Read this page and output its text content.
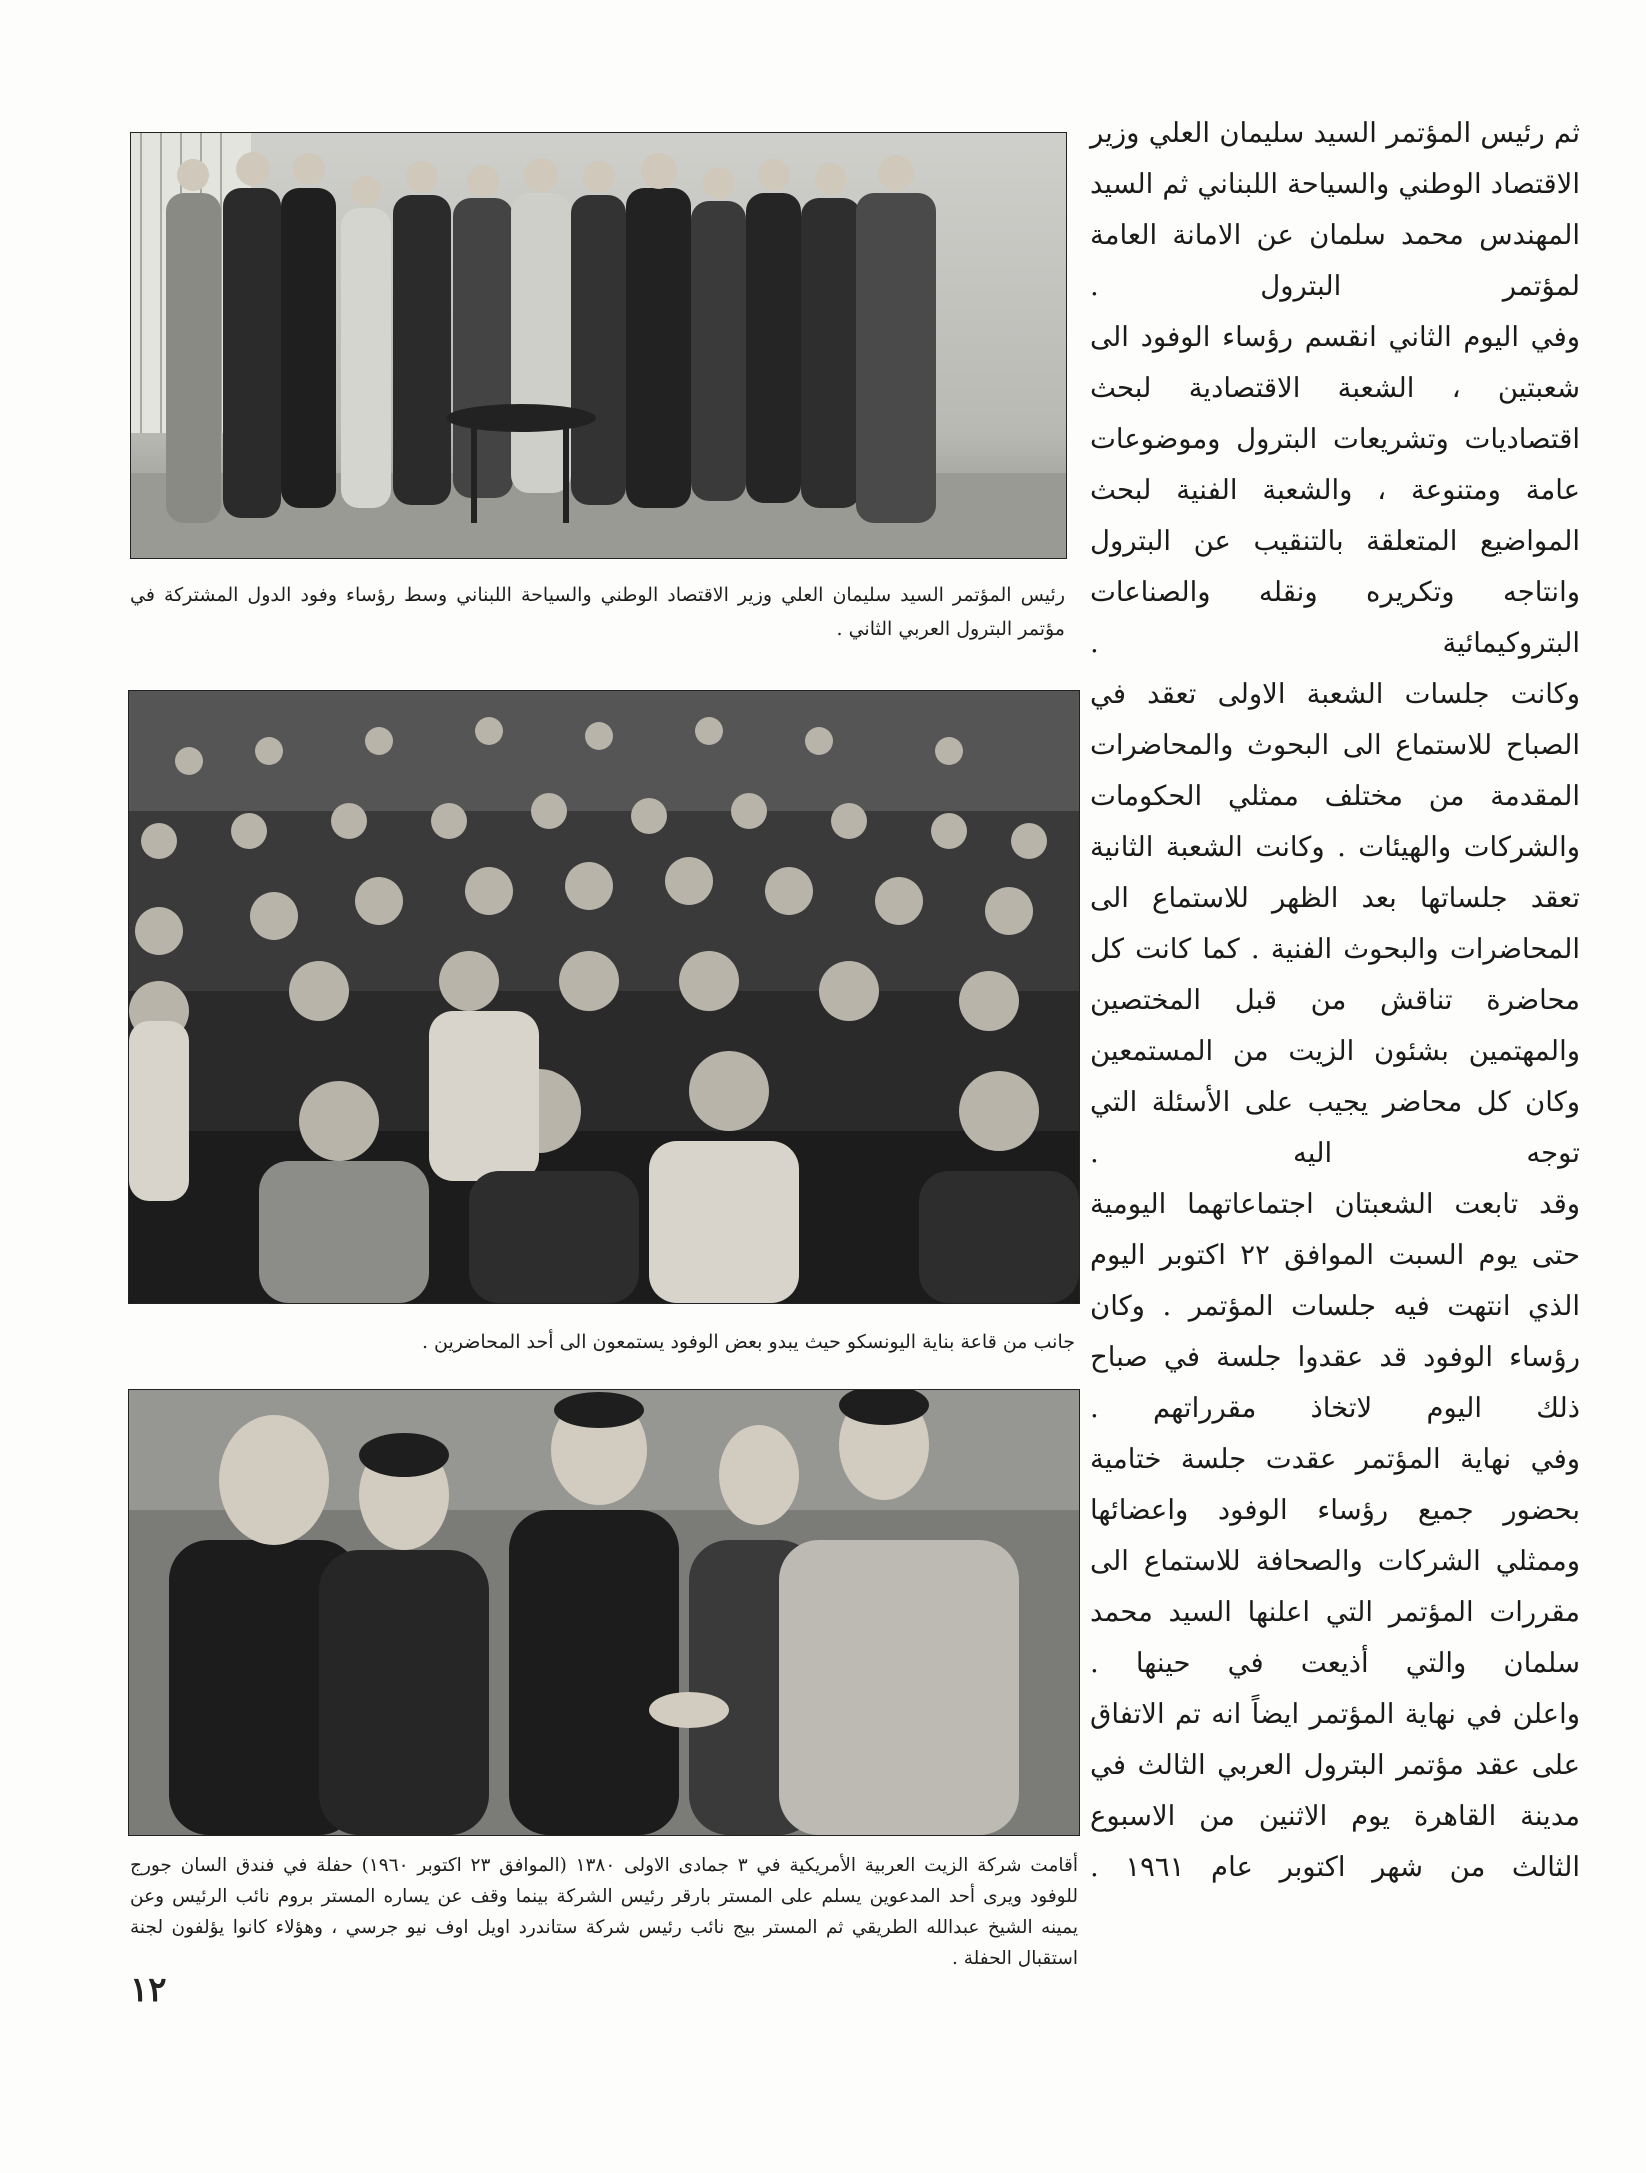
ثم رئيس المؤتمر السيد سليمان العلي وزير الاقتصاد الوطني والسياحة اللبناني ثم السيد المهندس محمد سلمان عن الامانة العامة لمؤتمر البترول .

وفي اليوم الثاني انقسم رؤساء الوفود الى شعبتين ، الشعبة الاقتصادية لبحث اقتصاديات وتشريعات البترول وموضوعات عامة ومتنوعة ، والشعبة الفنية لبحث المواضيع المتعلقة بالتنقيب عن البترول وانتاجه وتكريره ونقله والصناعات البتروكيمائية .

وكانت جلسات الشعبة الاولى تعقد في الصباح للاستماع الى البحوث والمحاضرات المقدمة من مختلف ممثلي الحكومات والشركات والهيئات . وكانت الشعبة الثانية تعقد جلساتها بعد الظهر للاستماع الى المحاضرات والبحوث الفنية . كما كانت كل محاضرة تناقش من قبل المختصين والمهتمين بشئون الزيت من المستمعين وكان كل محاضر يجيب على الأسئلة التي توجه اليه .

وقد تابعت الشعبتان اجتماعاتهما اليومية حتى يوم السبت الموافق ٢٢ اكتوبر اليوم الذي انتهت فيه جلسات المؤتمر . وكان رؤساء الوفود قد عقدوا جلسة في صباح ذلك اليوم لاتخاذ مقرراتهم .

وفي نهاية المؤتمر عقدت جلسة ختامية بحضور جميع رؤساء الوفود واعضائها وممثلي الشركات والصحافة للاستماع الى مقررات المؤتمر التي اعلنها السيد محمد سلمان والتي أذيعت في حينها .

واعلن في نهاية المؤتمر ايضاً انه تم الاتفاق على عقد مؤتمر البترول العربي الثالث في مدينة القاهرة يوم الاثنين من الاسبوع الثالث من شهر اكتوبر عام ١٩٦١ .

رئيس المؤتمر السيد سليمان العلي وزير الاقتصاد الوطني والسياحة اللبناني وسط رؤساء وفود الدول المشتركة في مؤتمر البترول العربي الثاني .
جانب من قاعة بناية اليونسكو حيث يبدو بعض الوفود يستمعون الى أحد المحاضرين .
أقامت شركة الزيت العربية الأمريكية في ٣ جمادى الاولى ١٣٨٠ (الموافق ٢٣ اكتوبر ١٩٦٠) حفلة في فندق السان جورج للوفود ويرى أحد المدعوين يسلم على المستر بارقر رئيس الشركة بينما وقف عن يساره المستر بروم نائب الرئيس وعن يمينه الشيخ عبدالله الطريقي ثم المستر بيج نائب رئيس شركة ستاندرد اويل اوف نيو جرسي ، وهؤلاء كانوا يؤلفون لجنة استقبال الحفلة .
١٢
